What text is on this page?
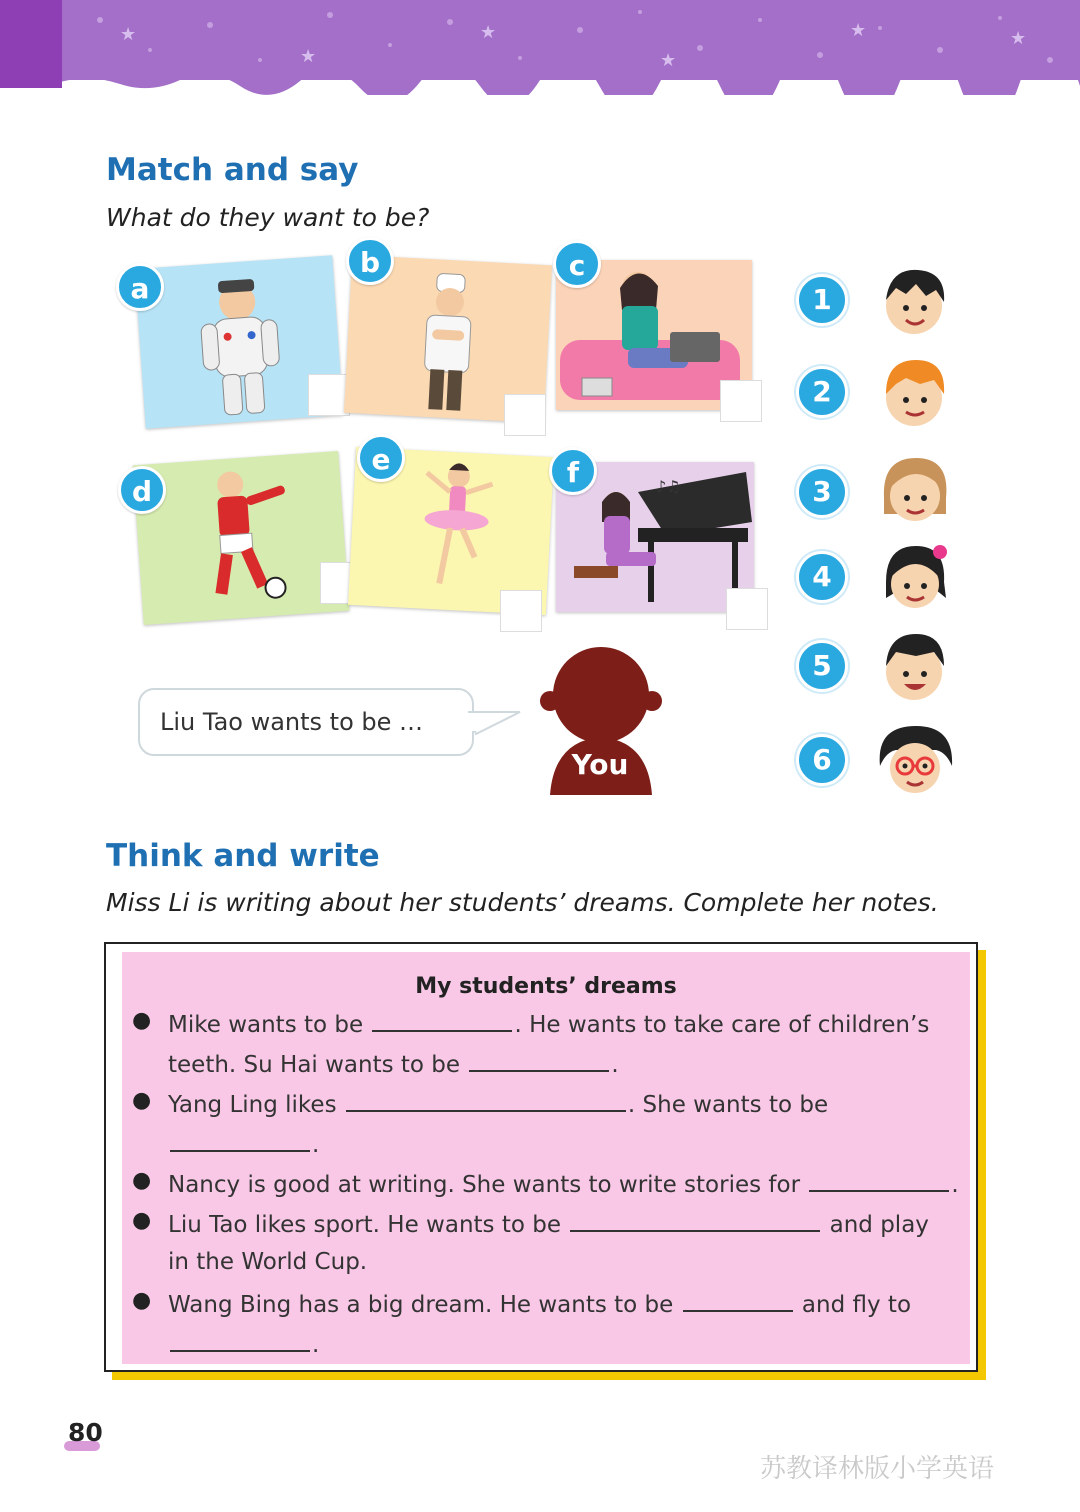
★
★
★
★
★	★
Match and say
What do they want to be?
a
b	c
d
e
♪♫
f
1
2
3
4
5
6
Liu Tao wants to be …
You
Think and write
Miss Li is writing about her students’ dreams. Complete her notes.
My students’ dreams
● Mike wants to be	. He wants to take care of children’s
teeth. Su Hai wants to be	.
● Yang Ling likes	. She wants to be
.
● Nancy is good at writing. She wants to write stories for	.
● Liu Tao likes sport. He wants to be	and play
in the World Cup.
● Wang Bing has a big dream. He wants to be	and fly to
.
80
苏教译林版小学英语
